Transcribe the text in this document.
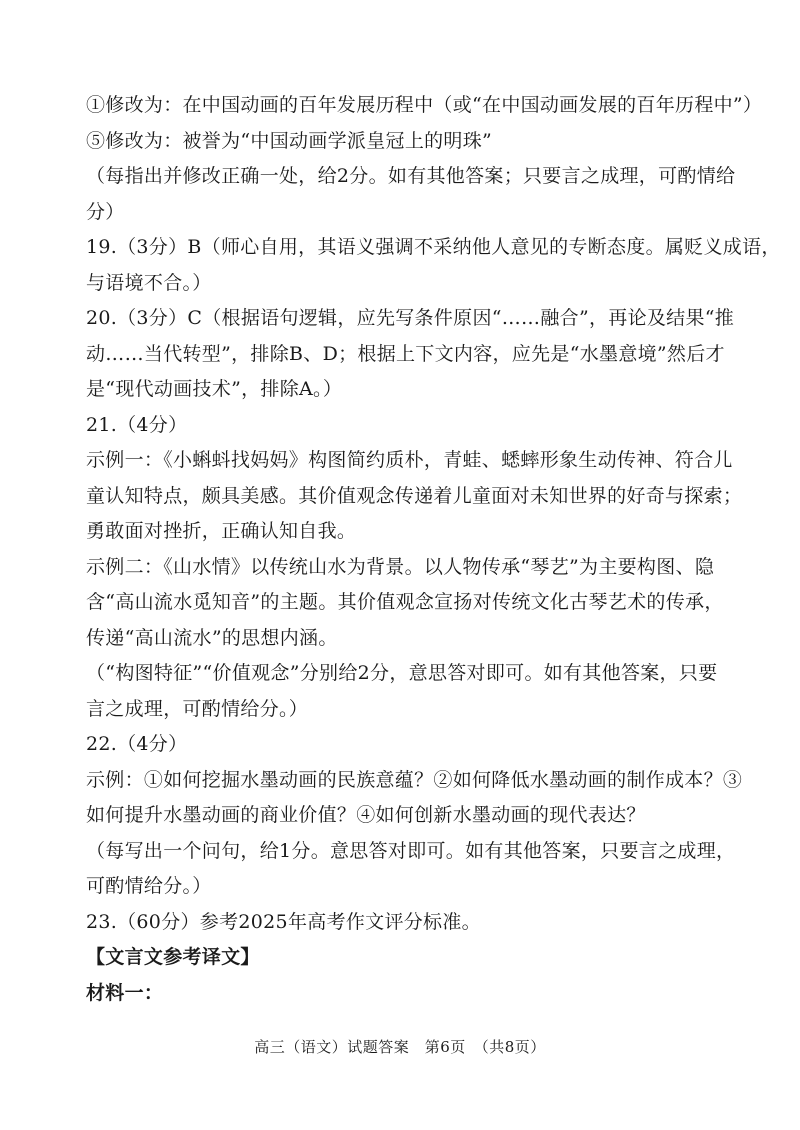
①修改为：在中国动画的百年发展历程中（或“在中国动画发展的百年历程中”）
⑤修改为：被誉为“中国动画学派皇冠上的明珠”
（每指出并修改正确一处，给2分。如有其他答案；只要言之成理，可酌情给
分）
19.（3分）B（师心自用，其语义强调不采纳他人意见的专断态度。属贬义成语，
与语境不合。）
20.（3分）C（根据语句逻辑，应先写条件原因“……融合”，再论及结果“推
动……当代转型”，排除B、D；根据上下文内容，应先是“水墨意境”然后才
是“现代动画技术”，排除A。）
21.（4分）
示例一：《小蝌蚪找妈妈》构图简约质朴，青蛙、蟋蟀形象生动传神、符合儿
童认知特点，颇具美感。其价值观念传递着儿童面对未知世界的好奇与探索；
勇敢面对挫折，正确认知自我。
示例二：《山水情》以传统山水为背景。以人物传承“琴艺”为主要构图、隐
含“高山流水觅知音”的主题。其价值观念宣扬对传统文化古琴艺术的传承，
传递“高山流水”的思想内涵。
（“构图特征”“价值观念”分别给2分，意思答对即可。如有其他答案，只要
言之成理，可酌情给分。）
22.（4分）
示例：①如何挖掘水墨动画的民族意蕴？②如何降低水墨动画的制作成本？③
如何提升水墨动画的商业价值？④如何创新水墨动画的现代表达？
（每写出一个问句，给1分。意思答对即可。如有其他答案，只要言之成理，
可酌情给分。）
23.（60分）参考2025年高考作文评分标准。
【文言文参考译文】
材料一：
高三（语文）试题答案　第6页　（共8页）
